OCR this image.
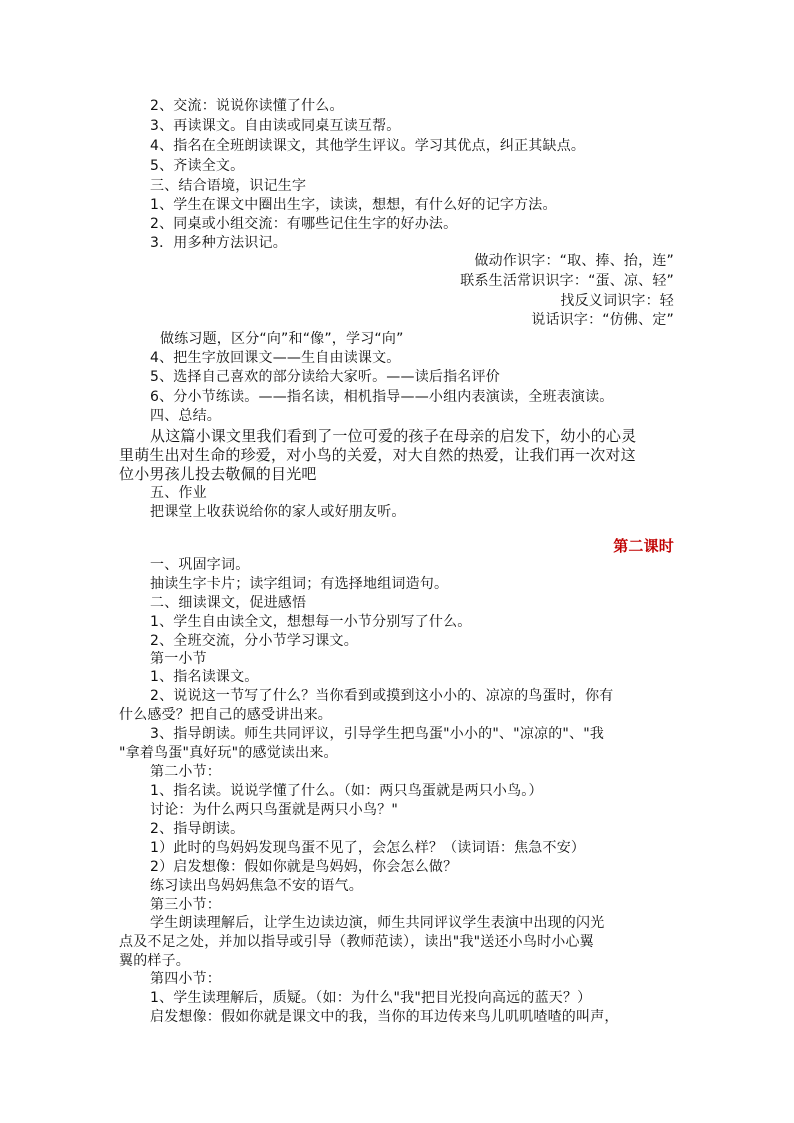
2、交流：说说你读懂了什么。
3、再读课文。自由读或同桌互读互帮。
4、指名在全班朗读课文，其他学生评议。学习其优点，纠正其缺点。
5、齐读全文。
三、结合语境，识记生字
1、学生在课文中圈出生字，读读，想想，有什么好的记字方法。
2、同桌或小组交流：有哪些记住生字的好办法。
3．用多种方法识记。
做动作识字：“取、捧、抬，连”
联系生活常识识字：“蛋、凉、轻”
找反义词识字：轻
说话识字：“仿佛、定”
做练习题，区分“向”和“像”，学习“向”
4、把生字放回课文——生自由读课文。
5、选择自己喜欢的部分读给大家听。——读后指名评价
6、分小节练读。——指名读，相机指导——小组内表演读，全班表演读。
四、总结。
从这篇小课文里我们看到了一位可爱的孩子在母亲的启发下，幼小的心灵
里萌生出对生命的珍爱，对小鸟的关爱，对大自然的热爱，让我们再一次对这
位小男孩儿投去敬佩的目光吧
五、作业
把课堂上收获说给你的家人或好朋友听。
第二课时
一、巩固字词。
抽读生字卡片；读字组词；有选择地组词造句。
二、细读课文，促进感悟
1、学生自由读全文，想想每一小节分别写了什么。
2、全班交流，分小节学习课文。
第一小节
1、指名读课文。
2、说说这一节写了什么？当你看到或摸到这小小的、凉凉的鸟蛋时，你有
什么感受？把自己的感受讲出来。
3、指导朗读。师生共同评议，引导学生把鸟蛋"小小的"、"凉凉的"、"我
"拿着鸟蛋"真好玩"的感觉读出来。
第二小节：
1、指名读。说说学懂了什么。（如：两只鸟蛋就是两只小鸟。）
讨论：为什么两只鸟蛋就是两只小鸟？"
2、指导朗读。
1）此时的鸟妈妈发现鸟蛋不见了，会怎么样？（读词语：焦急不安）
2）启发想像：假如你就是鸟妈妈，你会怎么做？
练习读出鸟妈妈焦急不安的语气。
第三小节：
学生朗读理解后，让学生边读边演，师生共同评议学生表演中出现的闪光
点及不足之处，并加以指导或引导（教师范读），读出"我"送还小鸟时小心翼
翼的样子。
第四小节：
1、学生读理解后，质疑。（如：为什么"我"把目光投向高远的蓝天？）
启发想像：假如你就是课文中的我，当你的耳边传来鸟儿叽叽喳喳的叫声，
